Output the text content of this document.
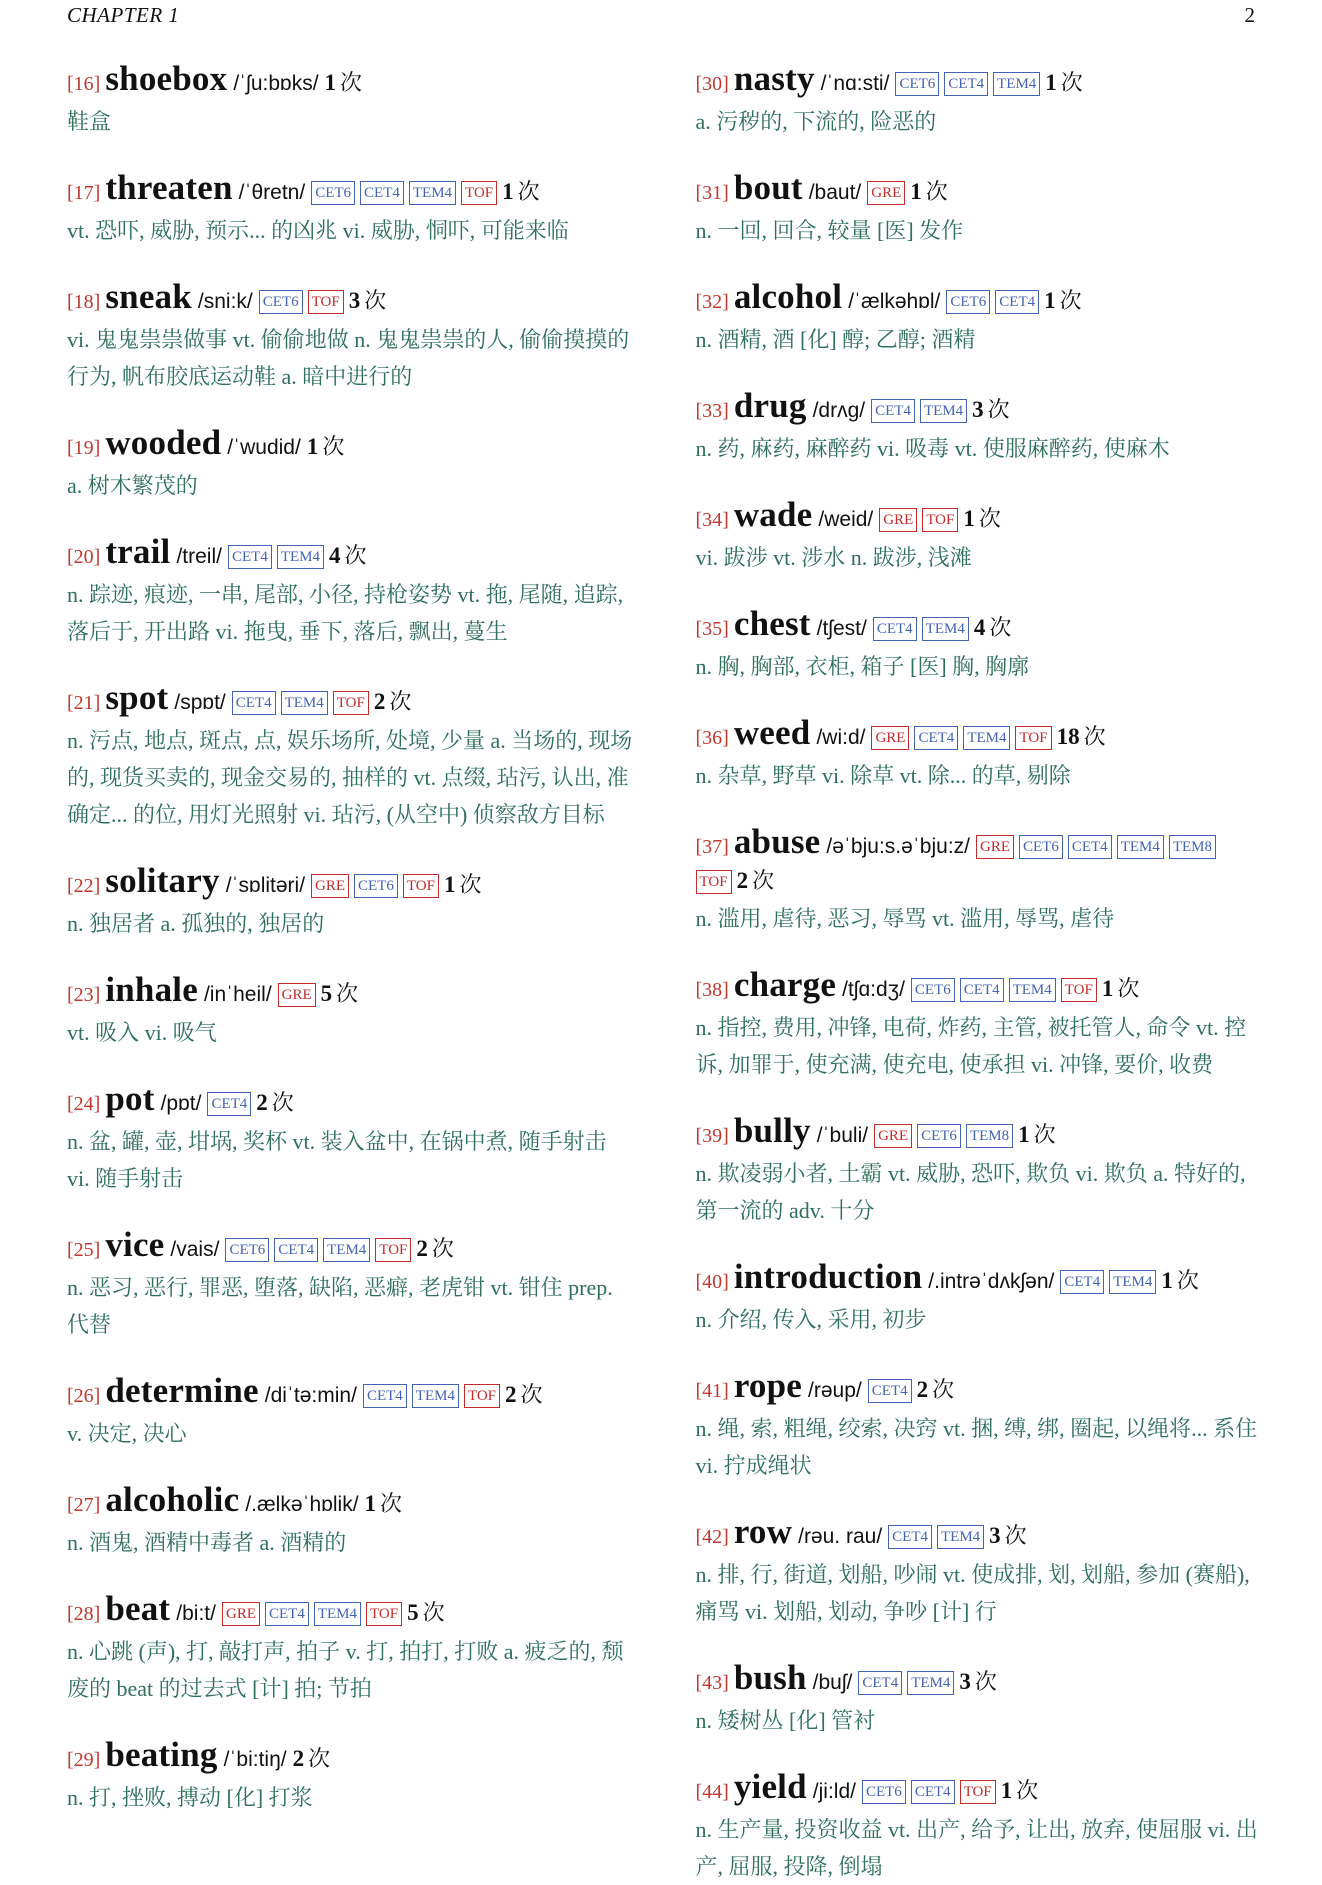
CHAPTER 1	2
[16] shoebox /ˈʃu:bɒks/ 1 次
鞋盒
[17] threaten /ˈθretn/ CET6 CET4 TEM4 TOF 1 次
vt. 恐吓, 威胁, 预示... 的凶兆 vi. 威胁, 恫吓, 可能来临
[18] sneak /sni:k/ CET6 TOF 3 次
vi. 鬼鬼祟祟做事 vt. 偷偷地做 n. 鬼鬼祟祟的人, 偷偷摸摸的行为, 帆布胶底运动鞋 a. 暗中进行的
[19] wooded /ˈwudid/ 1 次
a. 树木繁茂的
[20] trail /treil/ CET4 TEM4 4 次
n. 踪迹, 痕迹, 一串, 尾部, 小径, 持枪姿势 vt. 拖, 尾随, 追踪, 落后于, 开出路 vi. 拖曳, 垂下, 落后, 飘出, 蔓生
[21] spot /spɒt/ CET4 TEM4 TOF 2 次
n. 污点, 地点, 斑点, 点, 娱乐场所, 处境, 少量 a. 当场的, 现场的, 现货买卖的, 现金交易的, 抽样的 vt. 点缀, 玷污, 认出, 准确定... 的位, 用灯光照射 vi. 玷污, (从空中) 侦察敌方目标
[22] solitary /ˈsɒlitəri/ GRE CET6 TOF 1 次
n. 独居者 a. 孤独的, 独居的
[23] inhale /inˈheil/ GRE 5 次
vt. 吸入 vi. 吸气
[24] pot /pɒt/ CET4 2 次
n. 盆, 罐, 壶, 坩埚, 奖杯 vt. 装入盆中, 在锅中煮, 随手射击 vi. 随手射击
[25] vice /vais/ CET6 CET4 TEM4 TOF 2 次
n. 恶习, 恶行, 罪恶, 堕落, 缺陷, 恶癖, 老虎钳 vt. 钳住 prep. 代替
[26] determine /diˈtə:min/ CET4 TEM4 TOF 2 次
v. 决定, 决心
[27] alcoholic /.ælkəˈhɒlik/ 1 次
n. 酒鬼, 酒精中毒者 a. 酒精的
[28] beat /bi:t/ GRE CET4 TEM4 TOF 5 次
n. 心跳 (声), 打, 敲打声, 拍子 v. 打, 拍打, 打败 a. 疲乏的, 颓废的 beat 的过去式 [计] 拍; 节拍
[29] beating /ˈbi:tiŋ/ 2 次
n. 打, 挫败, 搏动 [化] 打浆
[30] nasty /ˈnɑ:sti/ CET6 CET4 TEM4 1 次
a. 污秽的, 下流的, 险恶的
[31] bout /baut/ GRE 1 次
n. 一回, 回合, 较量 [医] 发作
[32] alcohol /ˈælkəhɒl/ CET6 CET4 1 次
n. 酒精, 酒 [化] 醇; 乙醇; 酒精
[33] drug /drʌg/ CET4 TEM4 3 次
n. 药, 麻药, 麻醉药 vi. 吸毒 vt. 使服麻醉药, 使麻木
[34] wade /weid/ GRE TOF 1 次
vi. 跋涉 vt. 涉水 n. 跋涉, 浅滩
[35] chest /tʃest/ CET4 TEM4 4 次
n. 胸, 胸部, 衣柜, 箱子 [医] 胸, 胸廓
[36] weed /wi:d/ GRE CET4 TEM4 TOF 18 次
n. 杂草, 野草 vi. 除草 vt. 除... 的草, 剔除
[37] abuse /əˈbju:s.əˈbju:z/ GRE CET6 CET4 TEM4 TEM8
TOF 2 次
n. 滥用, 虐待, 恶习, 辱骂 vt. 滥用, 辱骂, 虐待
[38] charge /tʃɑ:dʒ/ CET6 CET4 TEM4 TOF 1 次
n. 指控, 费用, 冲锋, 电荷, 炸药, 主管, 被托管人, 命令 vt. 控诉, 加罪于, 使充满, 使充电, 使承担 vi. 冲锋, 要价, 收费
[39] bully /ˈbuli/ GRE CET6 TEM8 1 次
n. 欺凌弱小者, 土霸 vt. 威胁, 恐吓, 欺负 vi. 欺负 a. 特好的, 第一流的 adv. 十分
[40] introduction /.intrəˈdʌkʃən/ CET4 TEM4 1 次
n. 介绍, 传入, 采用, 初步
[41] rope /rəup/ CET4 2 次
n. 绳, 索, 粗绳, 绞索, 决窍 vt. 捆, 缚, 绑, 圈起, 以绳将... 系住 vi. 拧成绳状
[42] row /rəu. rau/ CET4 TEM4 3 次
n. 排, 行, 街道, 划船, 吵闹 vt. 使成排, 划, 划船, 参加 (赛船), 痛骂 vi. 划船, 划动, 争吵 [计] 行
[43] bush /buʃ/ CET4 TEM4 3 次
n. 矮树丛 [化] 管衬
[44] yield /ji:ld/ CET6 CET4 TOF 1 次
n. 生产量, 投资收益 vt. 出产, 给予, 让出, 放弃, 使屈服 vi. 出产, 屈服, 投降, 倒塌
